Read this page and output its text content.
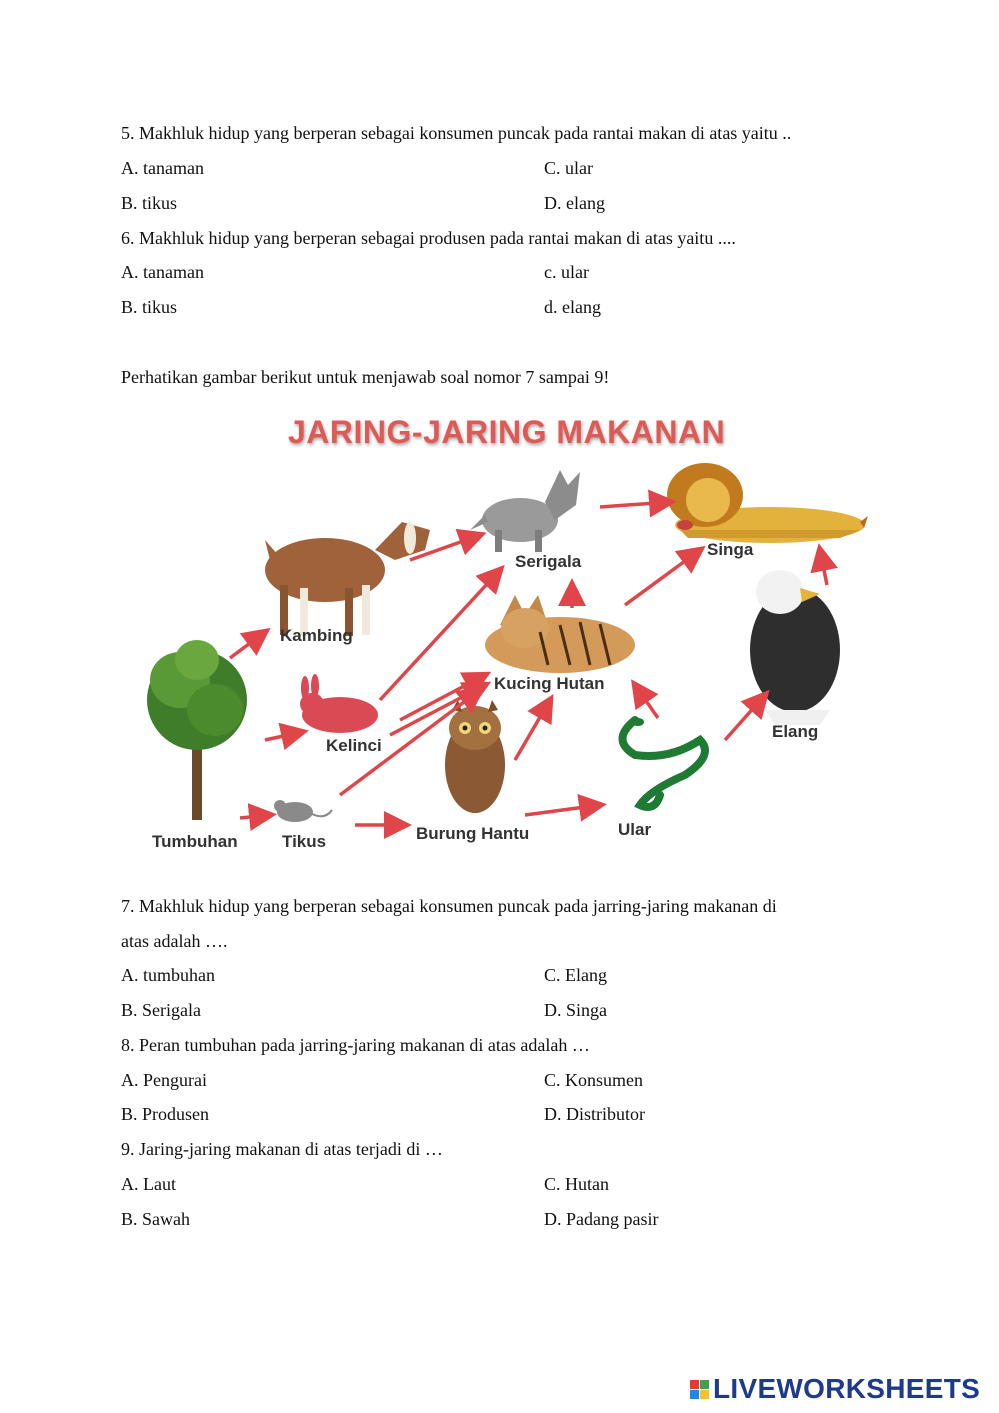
5. Makhluk hidup yang berperan sebagai konsumen puncak pada rantai makan di atas yaitu ..
A. tanaman	C. ular
B. tikus	D. elang
6. Makhluk hidup yang berperan sebagai produsen pada rantai makan di atas yaitu ....
A. tanaman	c. ular
B. tikus	d. elang
Perhatikan gambar berikut untuk menjawab soal nomor 7 sampai 9!
JARING-JARING MAKANAN
Kambing
Serigala
Singa
Kucing Hutan
Elang
Kelinci
Tumbuhan	Tikus	Burung Hantu	Ular
7. Makhluk hidup yang berperan sebagai konsumen puncak pada jarring-jaring makanan di
atas adalah ….
A. tumbuhan	C. Elang
B. Serigala	D. Singa
8. Peran tumbuhan pada jarring-jaring makanan di atas adalah …
A. Pengurai	C. Konsumen
B. Produsen	D. Distributor
9. Jaring-jaring makanan di atas terjadi di …
A. Laut	C. Hutan
B. Sawah	D. Padang pasir
LIVEWORKSHEETS
